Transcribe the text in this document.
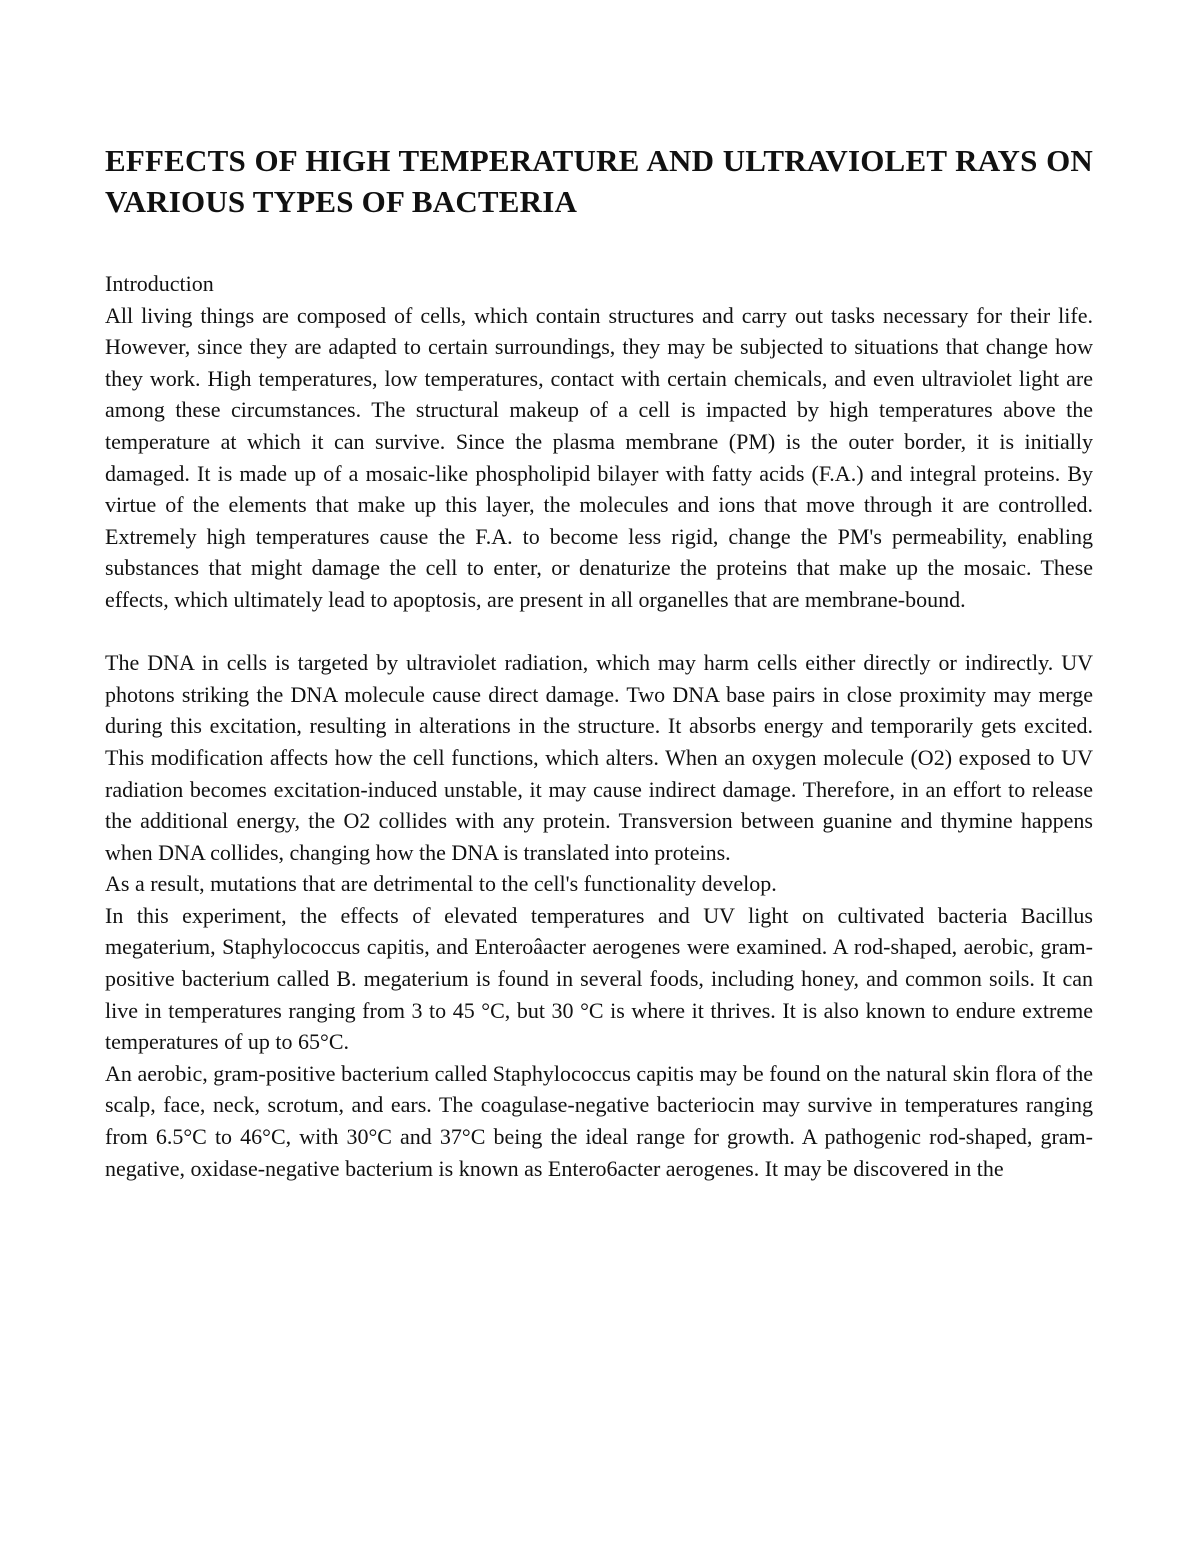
EFFECTS OF HIGH TEMPERATURE AND ULTRAVIOLET RAYS ON VARIOUS TYPES OF BACTERIA

Introduction

All living things are composed of cells, which contain structures and carry out tasks necessary for their life. However, since they are adapted to certain surroundings, they may be subjected to situations that change how they work. High temperatures, low temperatures, contact with certain chemicals, and even ultraviolet light are among these circumstances. The structural makeup of a cell is impacted by high temperatures above the temperature at which it can survive. Since the plasma membrane (PM) is the outer border, it is initially damaged. It is made up of a mosaic-like phospholipid bilayer with fatty acids (F.A.) and integral proteins. By virtue of the elements that make up this layer, the molecules and ions that move through it are controlled. Extremely high temperatures cause the F.A. to become less rigid, change the PM's permeability, enabling substances that might damage the cell to enter, or denaturize the proteins that make up the mosaic. These effects, which ultimately lead to apoptosis, are present in all organelles that are membrane-bound.

The DNA in cells is targeted by ultraviolet radiation, which may harm cells either directly or indirectly. UV photons striking the DNA molecule cause direct damage. Two DNA base pairs in close proximity may merge during this excitation, resulting in alterations in the structure. It absorbs energy and temporarily gets excited. This modification affects how the cell functions, which alters. When an oxygen molecule (O2) exposed to UV radiation becomes excitation-induced unstable, it may cause indirect damage. Therefore, in an effort to release the additional energy, the O2 collides with any protein. Transversion between guanine and thymine happens when DNA collides, changing how the DNA is translated into proteins.

As a result, mutations that are detrimental to the cell's functionality develop.

In this experiment, the effects of elevated temperatures and UV light on cultivated bacteria Bacillus megaterium, Staphylococcus capitis, and Enteroâacter aerogenes were examined. A rod-shaped, aerobic, gram-positive bacterium called B. megaterium is found in several foods, including honey, and common soils. It can live in temperatures ranging from 3 to 45 °C, but 30 °C is where it thrives. It is also known to endure extreme temperatures of up to 65°C.

An aerobic, gram-positive bacterium called Staphylococcus capitis may be found on the natural skin flora of the scalp, face, neck, scrotum, and ears. The coagulase-negative bacteriocin may survive in temperatures ranging from 6.5°C to 46°C, with 30°C and 37°C being the ideal range for growth. A pathogenic rod-shaped, gram-negative, oxidase-negative bacterium is known as Entero6acter aerogenes. It may be discovered in the
